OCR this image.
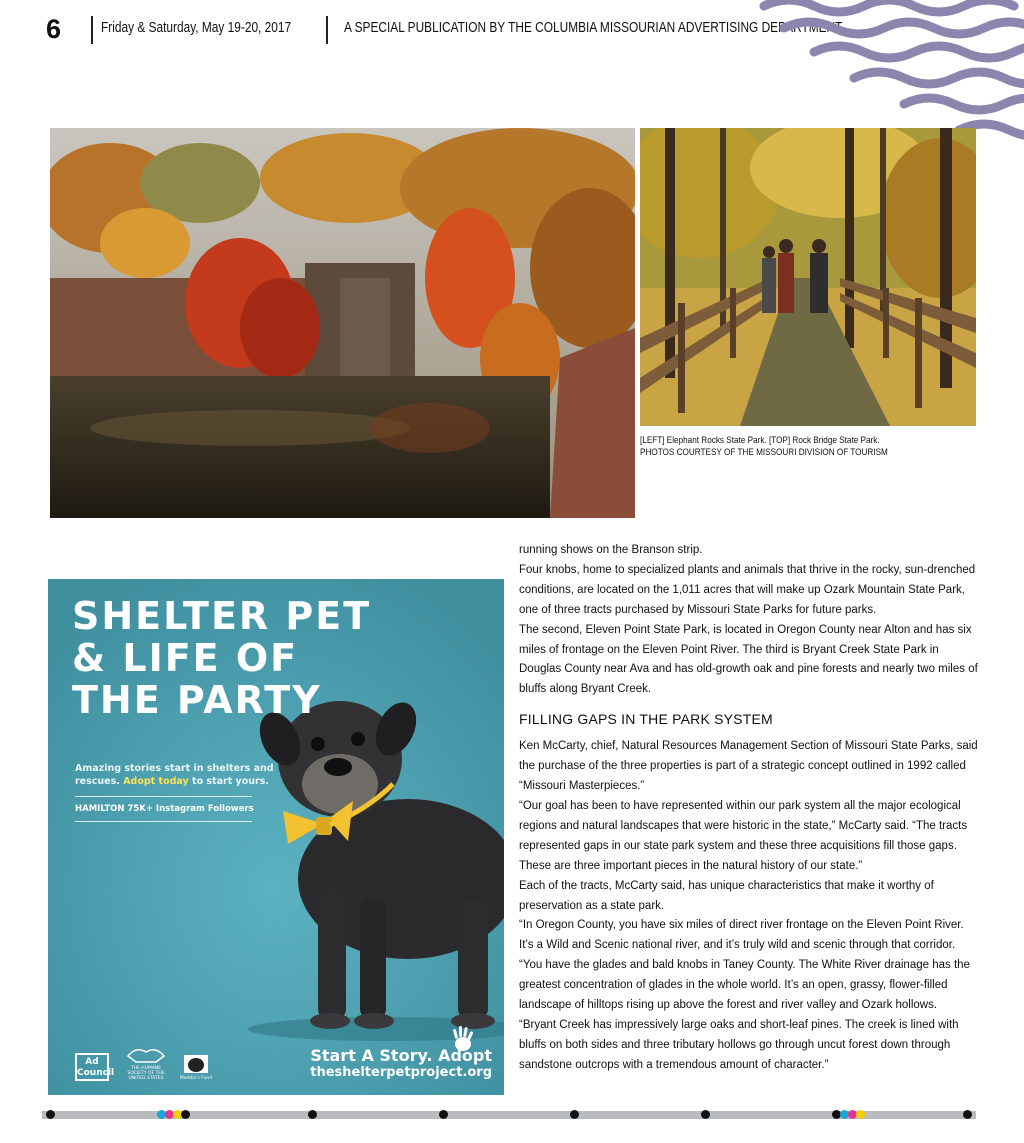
6	Friday & Saturday, May 19-20, 2017	A SPECIAL PUBLICATION BY THE COLUMBIA MISSOURIAN ADVERTISING DEPARTMENT
[LEFT] Elephant Rocks State Park. [TOP] Rock Bridge State Park.
PHOTOS COURTESY OF THE MISSOURI DIVISION OF TOURISM
SHELTER PET
& LIFE OF
THE PARTY
Amazing stories start in shelters and rescues. Adopt today to start yours.
HAMILTON 75K+ Instagram Followers
Start A Story. Adopt
theshelterpetproject.org
Ad Council	THE HUMANE SOCIETY OF THE UNITED STATES	Maddie's Fund

running shows on the Branson strip.

Four knobs, home to specialized plants and animals that thrive in the rocky, sun-drenched conditions, are located on the 1,011 acres that will make up Ozark Mountain State Park, one of three tracts purchased by Missouri State Parks for future parks.

The second, Eleven Point State Park, is located in Oregon County near Alton and has six miles of frontage on the Eleven Point River. The third is Bryant Creek State Park in Douglas County near Ava and has old-growth oak and pine forests and nearly two miles of bluffs along Bryant Creek.

FILLING GAPS IN THE PARK SYSTEM

Ken McCarty, chief, Natural Resources Management Section of Missouri State Parks, said the purchase of the three properties is part of a strategic concept outlined in 1992 called “Missouri Masterpieces.”

“Our goal has been to have represented within our park system all the major ecological regions and natural landscapes that were historic in the state,” McCarty said. “The tracts represented gaps in our state park system and these three acquisitions fill those gaps. These are three important pieces in the natural history of our state.”

Each of the tracts, McCarty said, has unique characteristics that make it worthy of preservation as a state park.

“In Oregon County, you have six miles of direct river frontage on the Eleven Point River. It’s a Wild and Scenic national river, and it’s truly wild and scenic through that corridor.

“You have the glades and bald knobs in Taney County. The White River drainage has the greatest concentration of glades in the whole world. It’s an open, grassy, flower-filled landscape of hilltops rising up above the forest and river valley and Ozark hollows.

“Bryant Creek has impressively large oaks and short-leaf pines. The creek is lined with bluffs on both sides and three tributary hollows go through uncut forest down through sandstone outcrops with a tremendous amount of character.”
